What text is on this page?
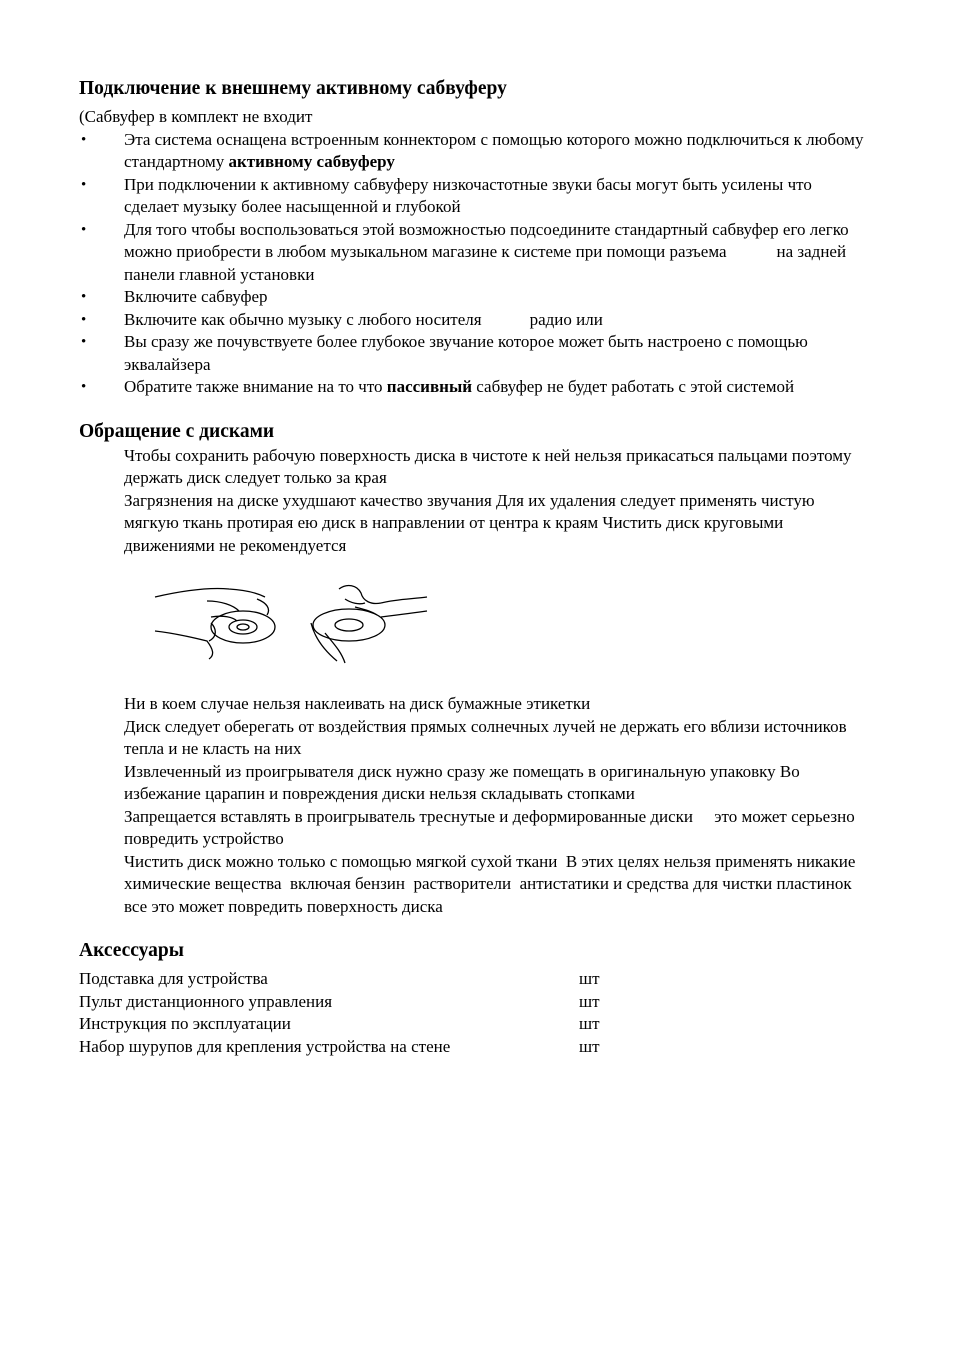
Подключение к внешнему активному сабвуферу

(Сабвуфер в комплект не входит

• Эта система оснащена встроенным коннектором с помощью которого можно подключиться к любому стандартному активному сабвуферу
• При подключении к активному сабвуферу низкочастотные звуки басы могут быть усилены что сделает музыку более насыщенной и глубокой
• Для того чтобы воспользоваться этой возможностью подсоедините стандартный сабвуфер его легко можно приобрести в любом музыкальном магазине к системе при помощи разъема	на задней панели главной установки
• Включите сабвуфер
• Включите как обычно музыку с любого носителя	радио или
• Вы сразу же почувствуете более глубокое звучание которое может быть настроено с помощью эквалайзера
• Обратите также внимание на то что пассивный сабвуфер не будет работать с этой системой
Обращение с дисками

Чтобы сохранить рабочую поверхность диска в чистоте к ней нельзя прикасаться пальцами поэтому держать диск следует только за края

Загрязнения на диске ухудшают качество звучания Для их удаления следует применять чистую мягкую ткань протирая ею диск в направлении от центра к краям Чистить диск круговыми движениями не рекомендуется

Ни в коем случае нельзя наклеивать на диск бумажные этикетки

Диск следует оберегать от воздействия прямых солнечных лучей не держать его вблизи источников тепла и не класть на них

Извлеченный из проигрывателя диск нужно сразу же помещать в оригинальную упаковку Во избежание царапин и повреждения диски нельзя складывать стопками

Запрещается вставлять в проигрыватель треснутые и деформированные диски     это может серьезно повредить устройство

Чистить диск можно только с помощью мягкой сухой ткани  В этих целях нельзя применять никакие химические вещества  включая бензин  растворители  антистатики и средства для чистки пластинок     все это может повредить поверхность диска

Аксессуары
Подставка для устройства	шт
Пульт дистанционного управления	шт
Инструкция по эксплуатации	шт
Набор шурупов для крепления устройства на стене	шт
